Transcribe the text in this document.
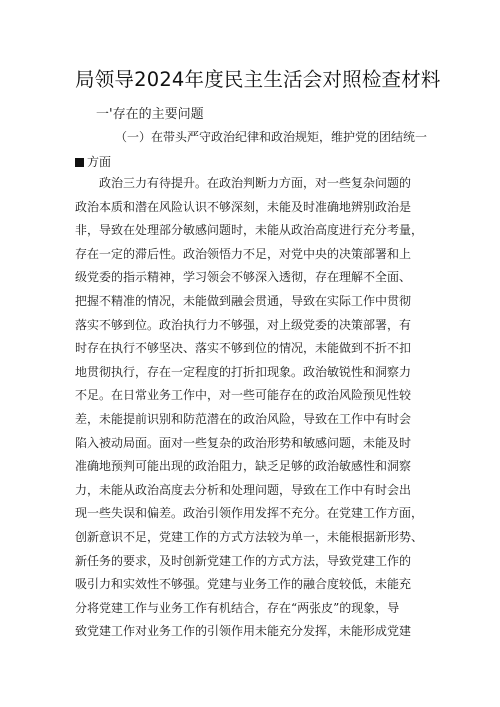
局领导2024年度民主生活会对照检查材料
一'存在的主要问题
（一）在带头严守政治纪律和政治规矩，维护党的团结统一
方面
政治三力有待提升。在政治判断力方面，对一些复杂问题的
政治本质和潜在风险认识不够深刻，未能及时准确地辨别政治是
非，导致在处理部分敏感问题时，未能从政治高度进行充分考量，
存在一定的滞后性。政治领悟力不足，对党中央的决策部署和上
级党委的指示精神，学习领会不够深入透彻，存在理解不全面、
把握不精准的情况，未能做到融会贯通，导致在实际工作中贯彻
落实不够到位。政治执行力不够强，对上级党委的决策部署，有
时存在执行不够坚决、落实不够到位的情况，未能做到不折不扣
地贯彻执行，存在一定程度的打折扣现象。政治敏锐性和洞察力
不足。在日常业务工作中，对一些可能存在的政治风险预见性较
差，未能提前识别和防范潜在的政治风险，导致在工作中有时会
陷入被动局面。面对一些复杂的政治形势和敏感问题，未能及时
准确地预判可能出现的政治阻力，缺乏足够的政治敏感性和洞察
力，未能从政治高度去分析和处理问题，导致在工作中有时会出
现一些失误和偏差。政治引领作用发挥不充分。在党建工作方面，
创新意识不足，党建工作的方式方法较为单一，未能根据新形势、
新任务的要求，及时创新党建工作的方式方法，导致党建工作的
吸引力和实效性不够强。党建与业务工作的融合度较低，未能充
分将党建工作与业务工作有机结合，存在“两张皮”的现象，导
致党建工作对业务工作的引领作用未能充分发挥，未能形成党建
